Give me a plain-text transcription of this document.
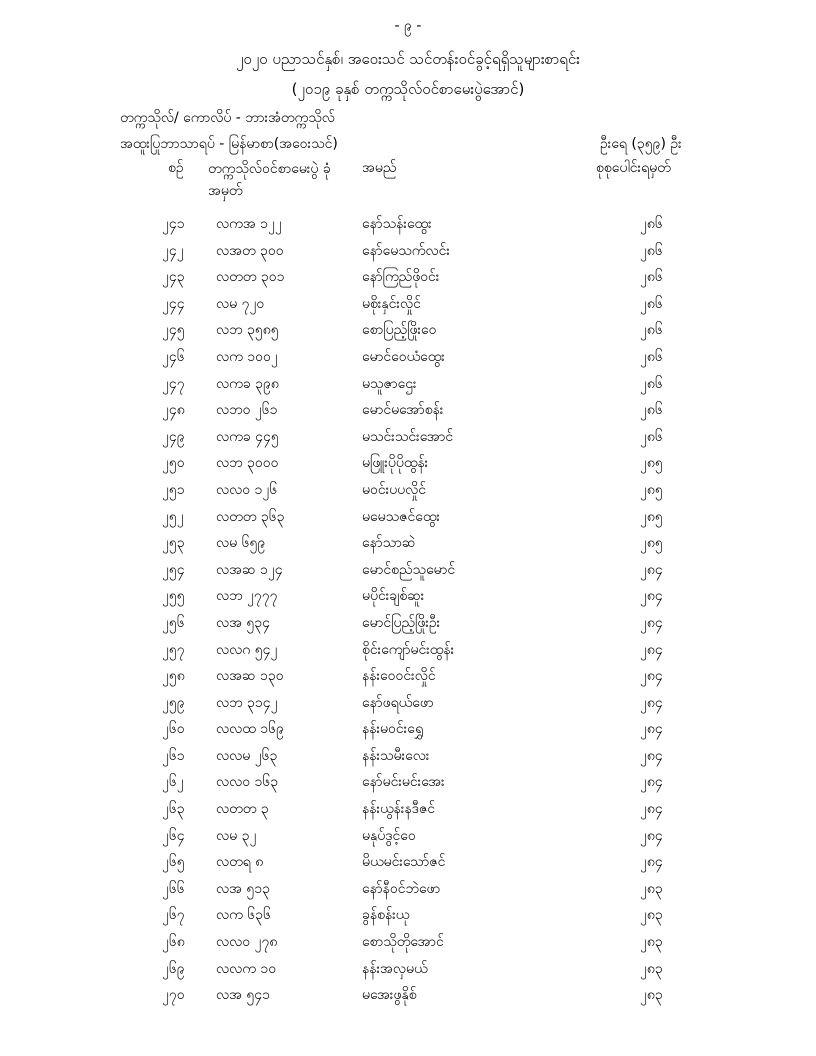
- ၉ -
၂၀၂၀ ပညာသင်နှစ်၊ အဝေးသင် သင်တန်းဝင်ခွင့်ရရှိသူများစာရင်း
(၂၀၁၉ ခုနှစ် တက္ကသိုလ်ဝင်စာမေးပွဲအောင်)
တက္ကသိုလ်/ ကောလိပ် - ဘားအံတက္ကသိုလ်
အထူးပြုဘာသာရပ် - မြန်မာစာ(အဝေးသင်)	ဦးရေ (၃၅၉) ဦး
စဉ် တက္ကသိုလ်ဝင်စာမေးပွဲ ခုံအမှတ်
အမည်	စုစုပေါင်းရမှတ်
၂၄၁ လကအ ၁၂၂	နော်သန်းထွေး	၂၈၆
၂၄၂ လအတ ၃၀၀	နော်မေသက်လင်း	၂၈၆
၂၄၃ လတတ ၃၀၁	နော်ကြည်ဖိုဝင်း	၂၈၆
၂၄၄ လမ ၇၂၀	မစိုးနှင်းလှိုင်	၂၈၆
၂၄၅ လဘ ၃၅၈၅	စောပြည့်ဖြိုးဝေ	၂၈၆
၂၄၆ လက ၁၀၀၂	မောင်ဝေယံထွေး	၂၈၆
၂၄၇ လကခ ၃၉၈	မသူဇာဌေး	၂၈၆
၂၄၈ လဘဝ ၂၆၁	မောင်မအော်စန်း	၂၈၆
၂၄၉ လကခ ၄၄၅	မသင်းသင်းအောင်	၂၈၆
၂၅၀ လဘ ၃၀၀၀	မဖြူးပိုပိုထွန်း	၂၈၅
၂၅၁ လလဝ ၁၂၆	မဝင်းပပလှိုင်	၂၈၅
၂၅၂ လတတ ၃၆၃	မမေသဇင်ထွေး	၂၈၅
၂၅၃ လမ ၆၅၉	နော်သာဆဲ	၂၈၅
၂၅၄ လအဆ ၁၂၄	မောင်စည်သူမောင်	၂၈၄
၂၅၅ လဘ ၂၇၇၇	မပိုင်းချစ်ဆူး	၂၈၄
၂၅၆ လအ ၅၃၄	မောင်ပြည့်ဖြိုးဦး	၂၈၄
၂၅၇ လလဂ ၅၄၂	စိုင်းကျော်မင်းထွန်း	၂၈၄
၂၅၈ လအဆ ၁၃၀	နန်းဝေဝင်းလှိုင်	၂၈၄
၂၅၉ လဘ ၃၁၄၂	နော်ဖရယ်ဖော	၂၈၄
၂၆၀ လလထ ၁၆၉	နန်းမဝင်းရွှေ	၂၈၄
၂၆၁ လလမ ၂၆၃	နန်းသမီးလေး	၂၈၄
၂၆၂ လလဝ ၁၆၃	နော်မင်းမင်းအေး	၂၈၄
၂၆၃ လတတ ၃	နန်းယွန်းနဒီဇင်	၂၈၄
၂၆၄ လမ ၃၂	မနုပ်ဒွင့်ဝေ	၂၈၄
၂၆၅ လတရ ၈	မိယမင်းသော်ဇင်	၂၈၄
၂၆၆ လအ ၅၁၃	နော်နီဝင်ဘဲဖော	၂၈၃
၂၆၇ လက ၆၃၆	ခွန်စန်းယု	၂၈၃
၂၆၈ လလဝ ၂၇၈	စောသိုတိုအောင်	၂၈၃
၂၆၉ လလက ၁၀	နန်းအလှမယ်	၂၈၃
၂၇၀ လအ ၅၄၁	မအေးဖွနိုစ်	၂၈၃
